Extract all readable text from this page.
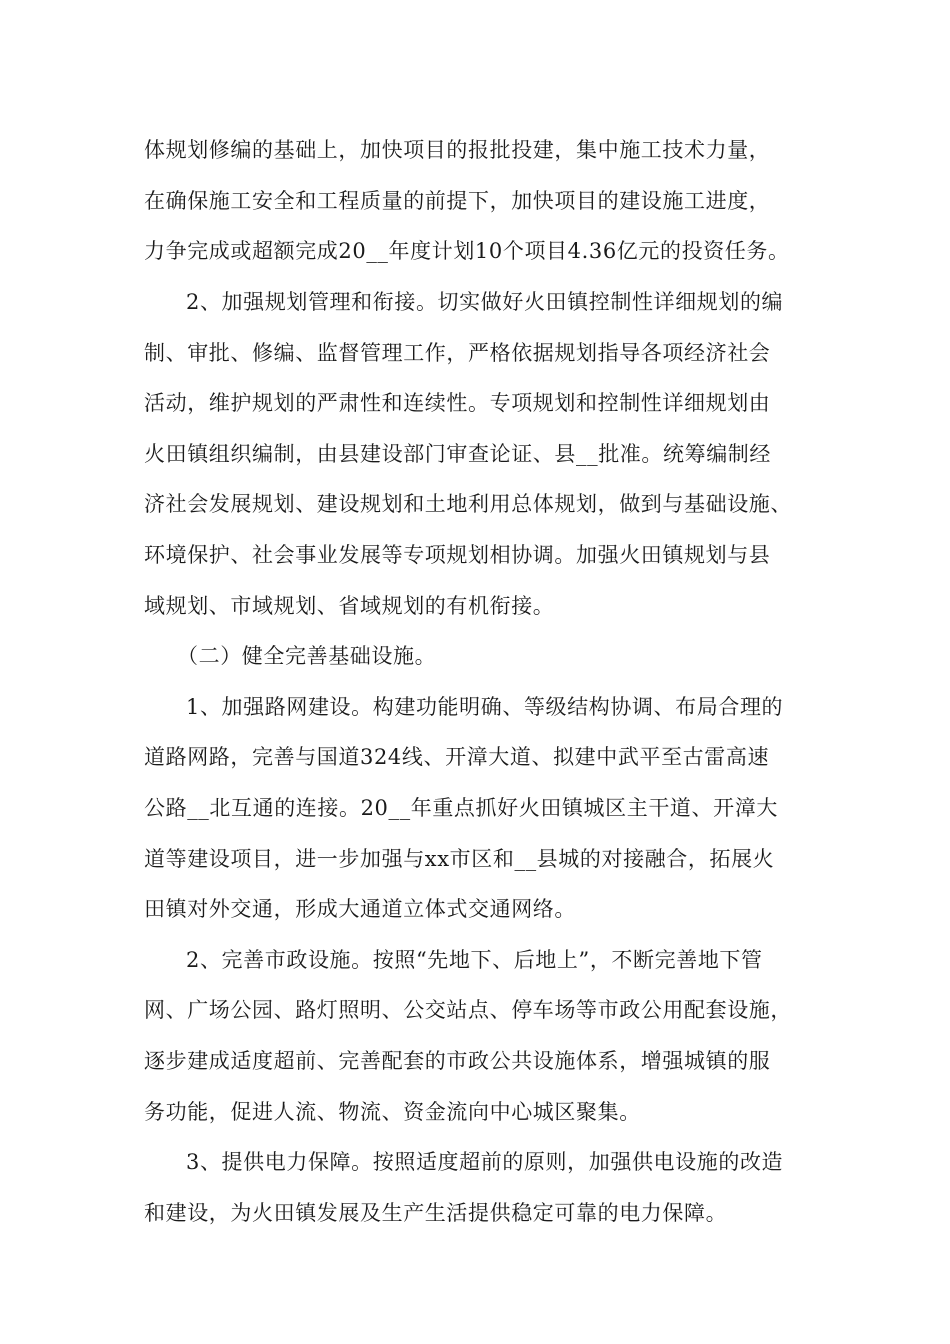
体规划修编的基础上，加快项目的报批投建，集中施工技术力量，
在确保施工安全和工程质量的前提下，加快项目的建设施工进度，
力争完成或超额完成20__年度计划10个项目4.36亿元的投资任务。
2、加强规划管理和衔接。切实做好火田镇控制性详细规划的编
制、审批、修编、监督管理工作，严格依据规划指导各项经济社会
活动，维护规划的严肃性和连续性。专项规划和控制性详细规划由
火田镇组织编制，由县建设部门审查论证、县__批准。统筹编制经
济社会发展规划、建设规划和土地利用总体规划，做到与基础设施、
环境保护、社会事业发展等专项规划相协调。加强火田镇规划与县
域规划、市域规划、省域规划的有机衔接。
（二）健全完善基础设施。
1、加强路网建设。构建功能明确、等级结构协调、布局合理的
道路网路，完善与国道324线、开漳大道、拟建中武平至古雷高速
公路__北互通的连接。20__年重点抓好火田镇城区主干道、开漳大
道等建设项目，进一步加强与xx市区和__县城的对接融合，拓展火
田镇对外交通，形成大通道立体式交通网络。
2、完善市政设施。按照“先地下、后地上”，不断完善地下管
网、广场公园、路灯照明、公交站点、停车场等市政公用配套设施，
逐步建成适度超前、完善配套的市政公共设施体系，增强城镇的服
务功能，促进人流、物流、资金流向中心城区聚集。
3、提供电力保障。按照适度超前的原则，加强供电设施的改造
和建设，为火田镇发展及生产生活提供稳定可靠的电力保障。
